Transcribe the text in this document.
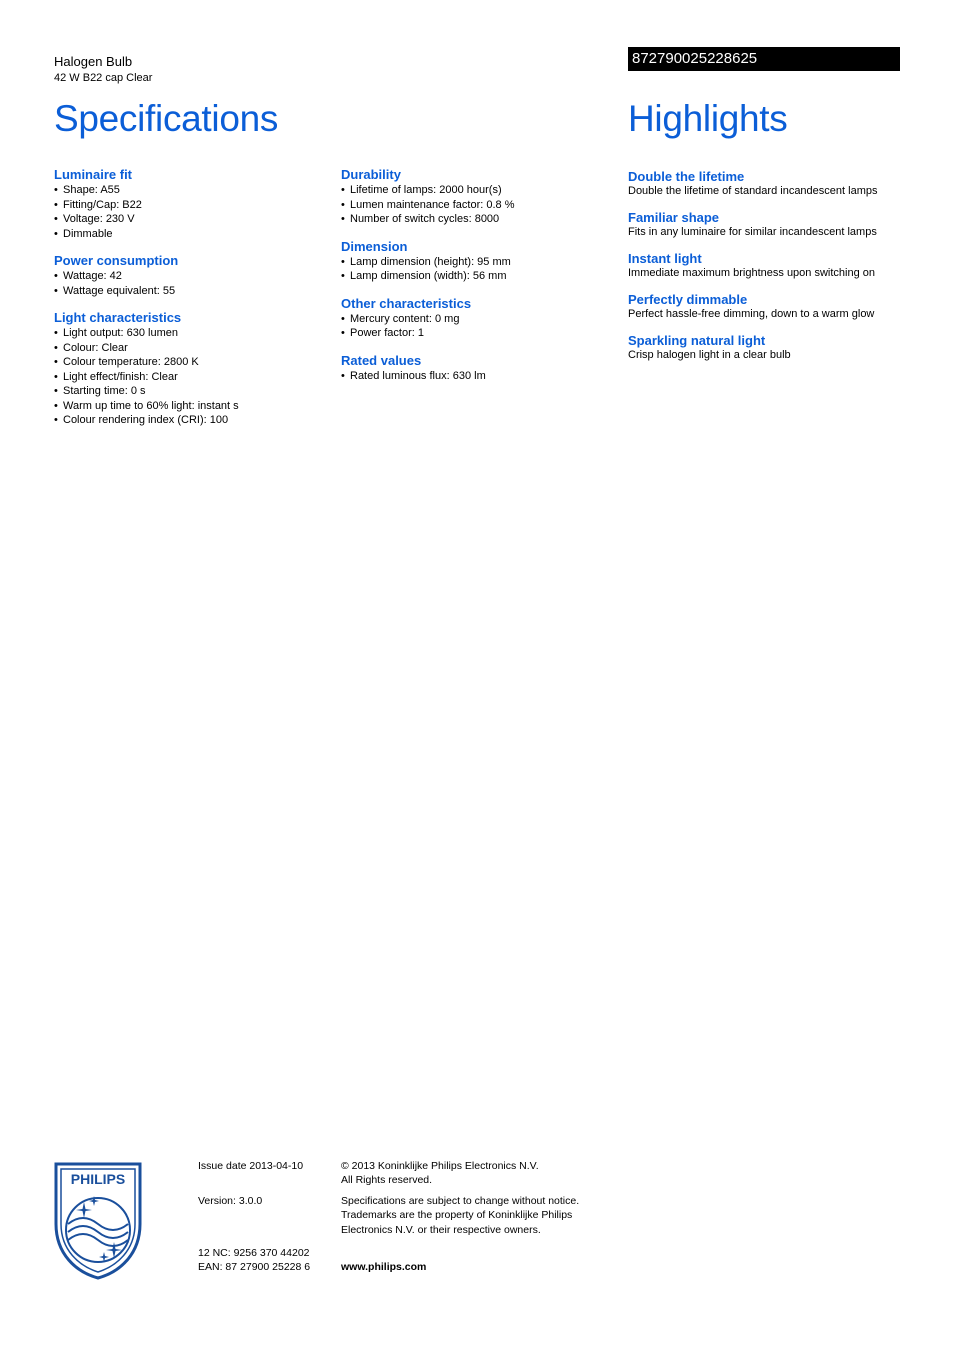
Halogen Bulb
42 W B22 cap Clear
872790025228625
Specifications	Highlights
Luminaire fit
• Shape: A55
• Fitting/Cap: B22
• Voltage: 230 V
• Dimmable
Power consumption
• Wattage: 42
• Wattage equivalent: 55
Light characteristics
• Light output: 630 lumen
• Colour: Clear
• Colour temperature: 2800 K
• Light effect/finish: Clear
• Starting time: 0 s
• Warm up time to 60% light: instant s
• Colour rendering index (CRI): 100
Durability
• Lifetime of lamps: 2000 hour(s)
• Lumen maintenance factor: 0.8 %
• Number of switch cycles: 8000
Dimension
• Lamp dimension (height): 95 mm
• Lamp dimension (width): 56 mm
Other characteristics
• Mercury content: 0 mg
• Power factor: 1
Rated values
• Rated luminous flux: 630 lm
Double the lifetime
Double the lifetime of standard incandescent lamps
Familiar shape
Fits in any luminaire for similar incandescent lamps
Instant light
Immediate maximum brightness upon switching on
Perfectly dimmable
Perfect hassle-free dimming, down to a warm glow
Sparkling natural light
Crisp halogen light in a clear bulb
PHILIPS
Issue date 2013-04-10
Version: 3.0.0
12 NC: 9256 370 44202
EAN: 87 27900 25228 6
© 2013 Koninklijke Philips Electronics N.V.
All Rights reserved.
Specifications are subject to change without notice.
Trademarks are the property of Koninklijke Philips
Electronics N.V. or their respective owners.
www.philips.com
